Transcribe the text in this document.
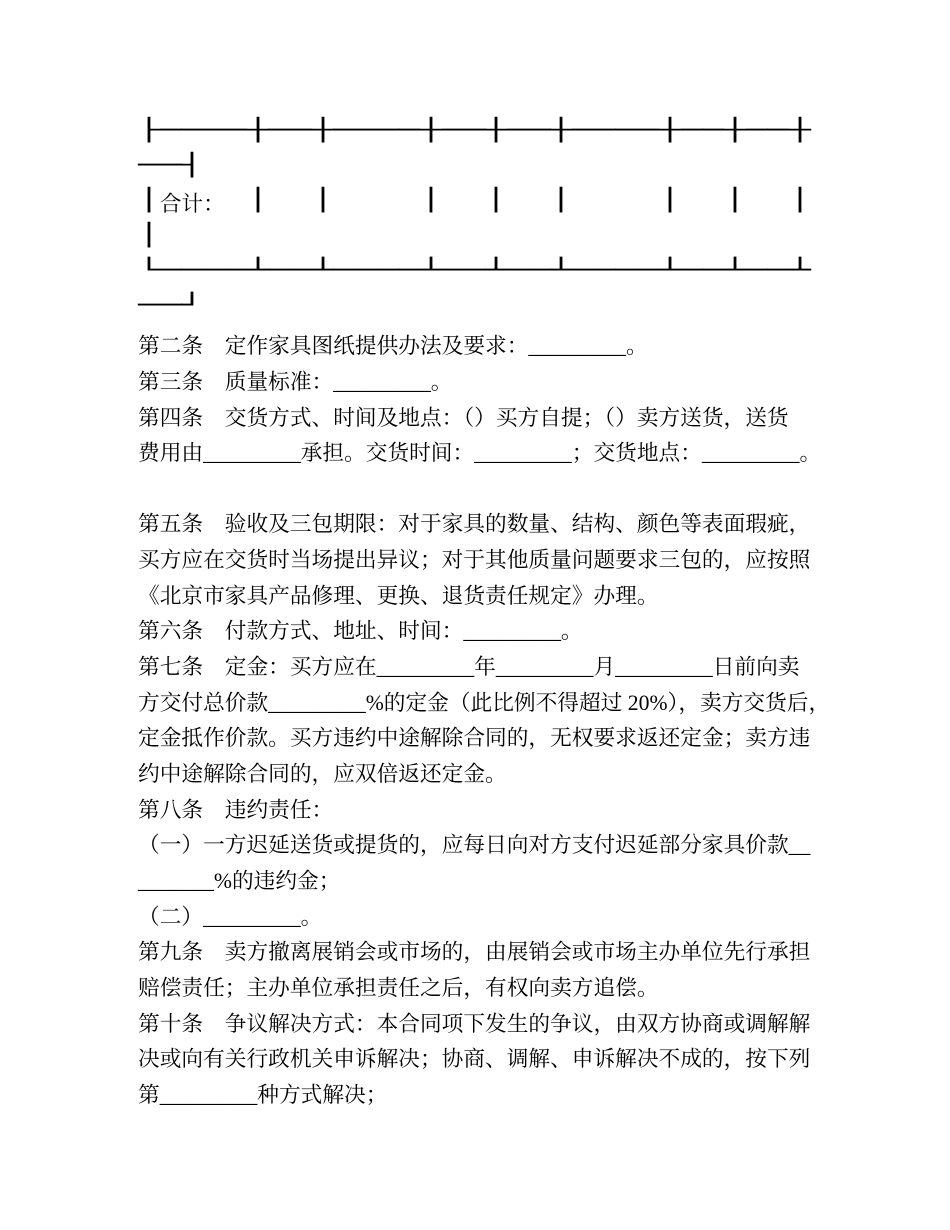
├ ─ ─ ─ ─ ┼ ─ ─ ┼ ─ ─ ─ ─ ┼ ─ ─ ┼ ─ ─ ┼ ─ ─ ─ ─ ┼ ─ ─ ┼ ─ ─ ┼
─ ─ ┤
│ 合 计 ：
　 │

　 │

　	│

　 │

　 │

　	│

　 │

　 │
│
└ ─ ─ ─ ─ ┴ ─ ─ ┴ ─ ─ ─ ─ ┴ ─ ─ ┴ ─ ─ ┴ ─ ─ ─ ─ ┴ ─ ─ ┴ ─ ─ ┴
─ ─ ┘
第二条　定作家具图纸提供办法及要求：_________。
第三条　质量标准：_________。
第四条　交货方式、时间及地点：（）买方自提；（）卖方送货，送货
费用由_________承担。交货时间：_________；交货地点：_________。
第五条　验收及三包期限：对于家具的数量、结构、颜色等表面瑕疵，
买方应在交货时当场提出异议；对于其他质量问题要求三包的，应按照
《北京市家具产品修理、更换、退货责任规定》办理。
第六条　付款方式、地址、时间：_________。
第七条　定金：买方应在_________年_________月_________日前向卖
方交付总价款_________%的定金（此比例不得超过 20%），卖方交货后，
定金抵作价款。买方违约中途解除合同的，无权要求返还定金；卖方违
约中途解除合同的，应双倍返还定金。
第八条　违约责任：
（一）一方迟延送货或提货的，应每日向对方支付迟延部分家具价款__
_______%的违约金；
（二）_________。
第九条　卖方撤离展销会或市场的，由展销会或市场主办单位先行承担
赔偿责任；主办单位承担责任之后，有权向卖方追偿。
第十条　争议解决方式：本合同项下发生的争议，由双方协商或调解解
决或向有关行政机关申诉解决；协商、调解、申诉解决不成的，按下列
第_________种方式解决；
